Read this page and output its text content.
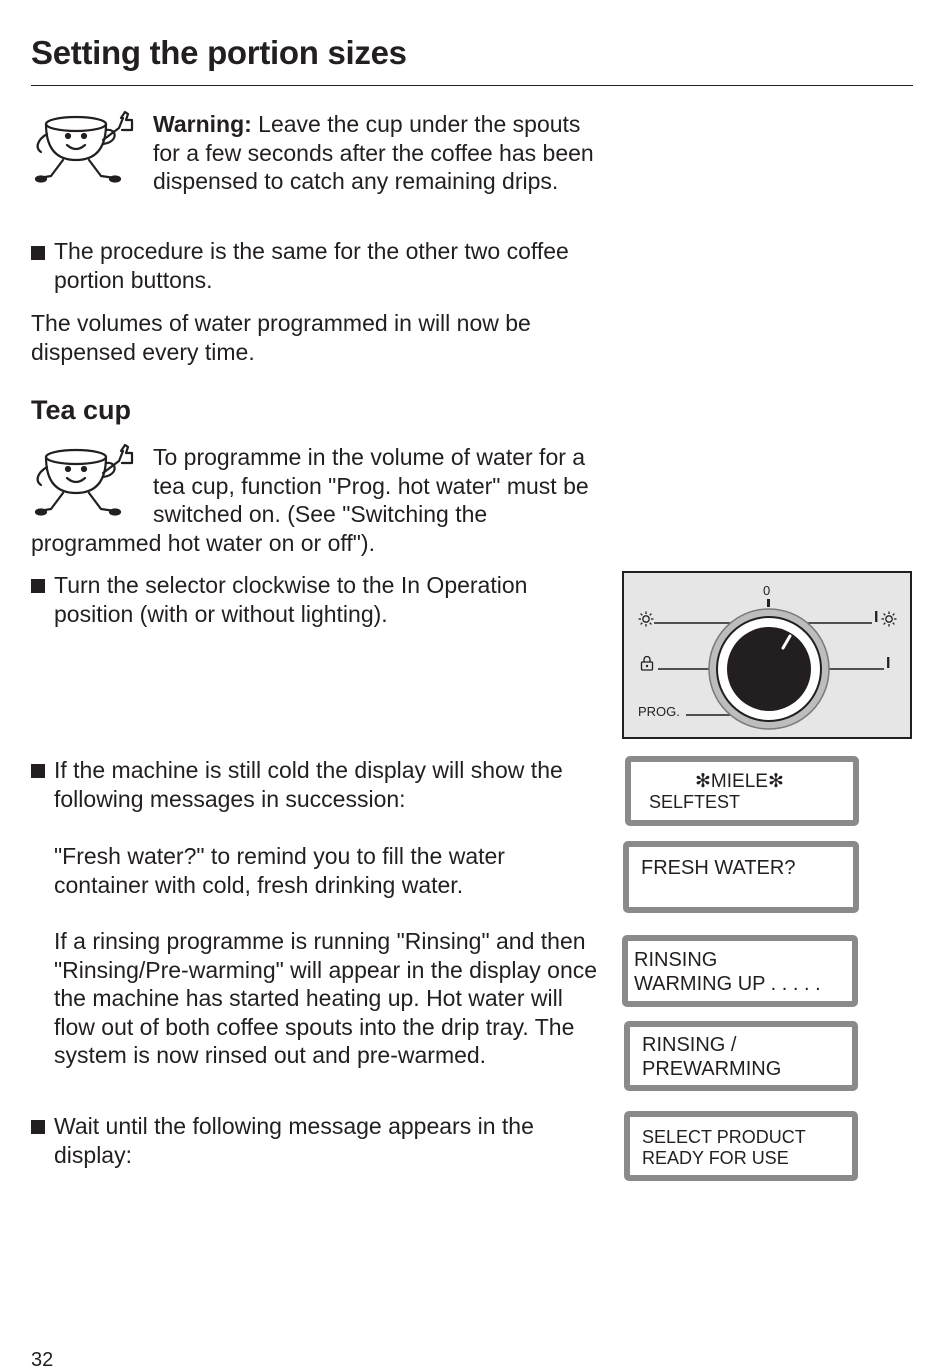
Setting the portion sizes

Warning: Leave the cup under the spouts for a few seconds after the coffee has been dispensed to catch any remaining drips.

The procedure is the same for the other two coffee portion buttons.

The volumes of water programmed in will now be dispensed every time.

Tea cup

To programme in the volume of water for a tea cup, function "Prog. hot water" must be switched on. (See "Switching the programmed hot water on or off").

Turn the selector clockwise to the In Operation position (with or without lighting).

If the machine is still cold the display will show the following messages in succession:

"Fresh water?" to remind you to fill the water container with cold, fresh drinking water.

If a rinsing programme is running "Rinsing" and then "Rinsing/Pre-warming" will appear in the display once the machine has started heating up. Hot water will flow out of both coffee spouts into the drip tray. The system is now rinsed out and pre-warmed.

Wait until the following message appears in the display:

0
PROG.
I
I
✻MIELE✻
SELFTEST
FRESH WATER?
RINSING
WARMING UP . . . . .
RINSING /
PREWARMING
SELECT PRODUCT
READY FOR USE
32
